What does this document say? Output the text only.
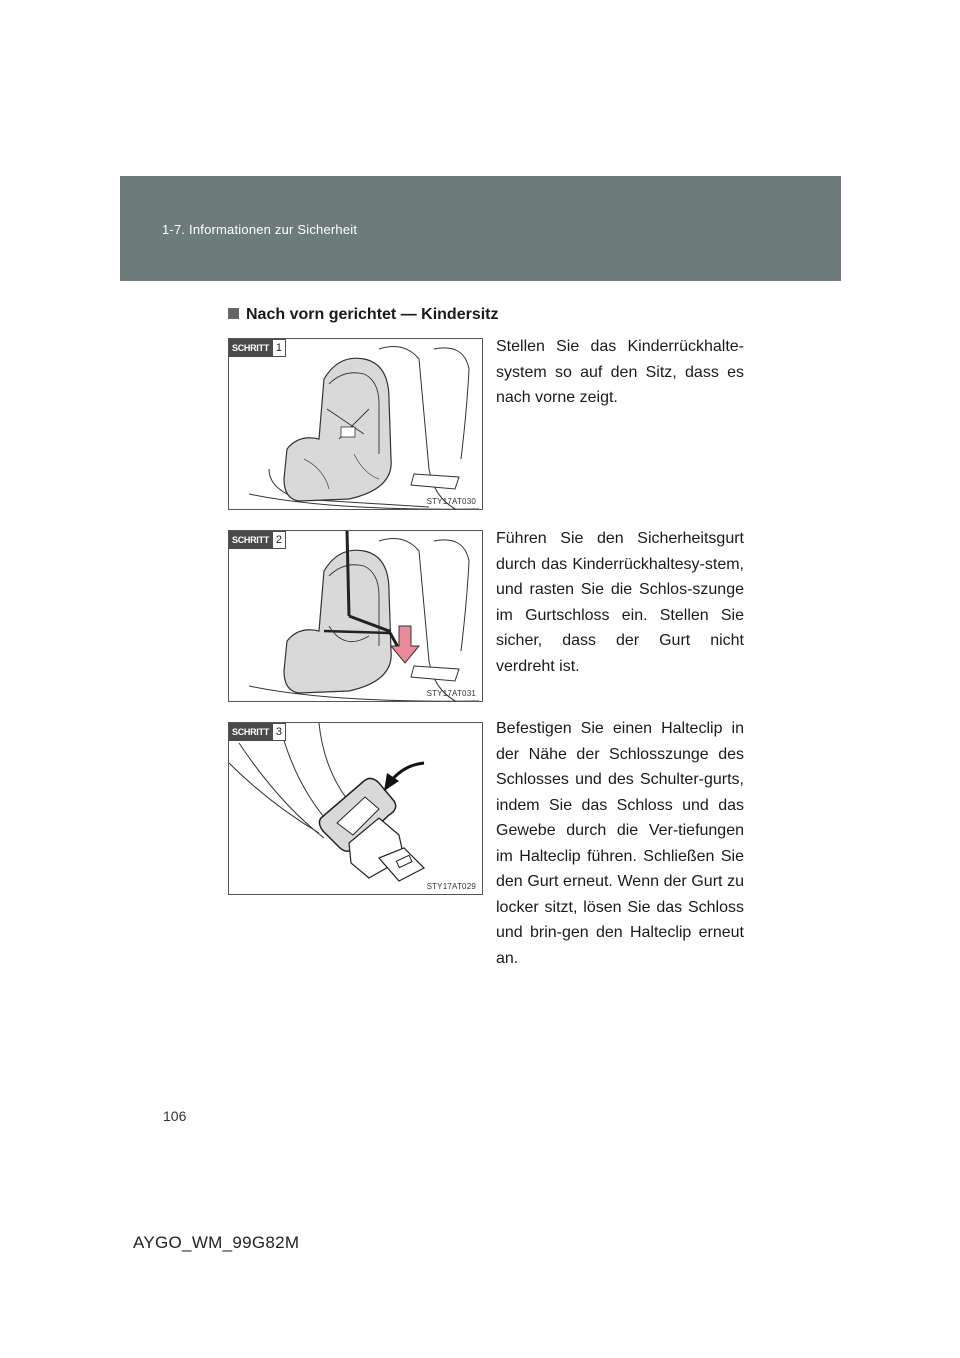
1-7. Informationen zur Sicherheit
Nach vorn gerichtet — Kindersitz
SCHRITT 1
STY17AT030
Stellen Sie das Kinderrückhalte-system so auf den Sitz, dass es nach vorne zeigt.
SCHRITT 2
STY17AT031
Führen Sie den Sicherheitsgurt durch das Kinderrückhaltesy-stem, und rasten Sie die Schlos-szunge im Gurtschloss ein. Stellen Sie sicher, dass der Gurt nicht verdreht ist.
SCHRITT 3
STY17AT029
Befestigen Sie einen Halteclip in der Nähe der Schlosszunge des Schlosses und des Schulter-gurts, indem Sie das Schloss und das Gewebe durch die Ver-tiefungen im Halteclip führen. Schließen Sie den Gurt erneut. Wenn der Gurt zu locker sitzt, lösen Sie das Schloss und brin-gen den Halteclip erneut an.
106
AYGO_WM_99G82M
